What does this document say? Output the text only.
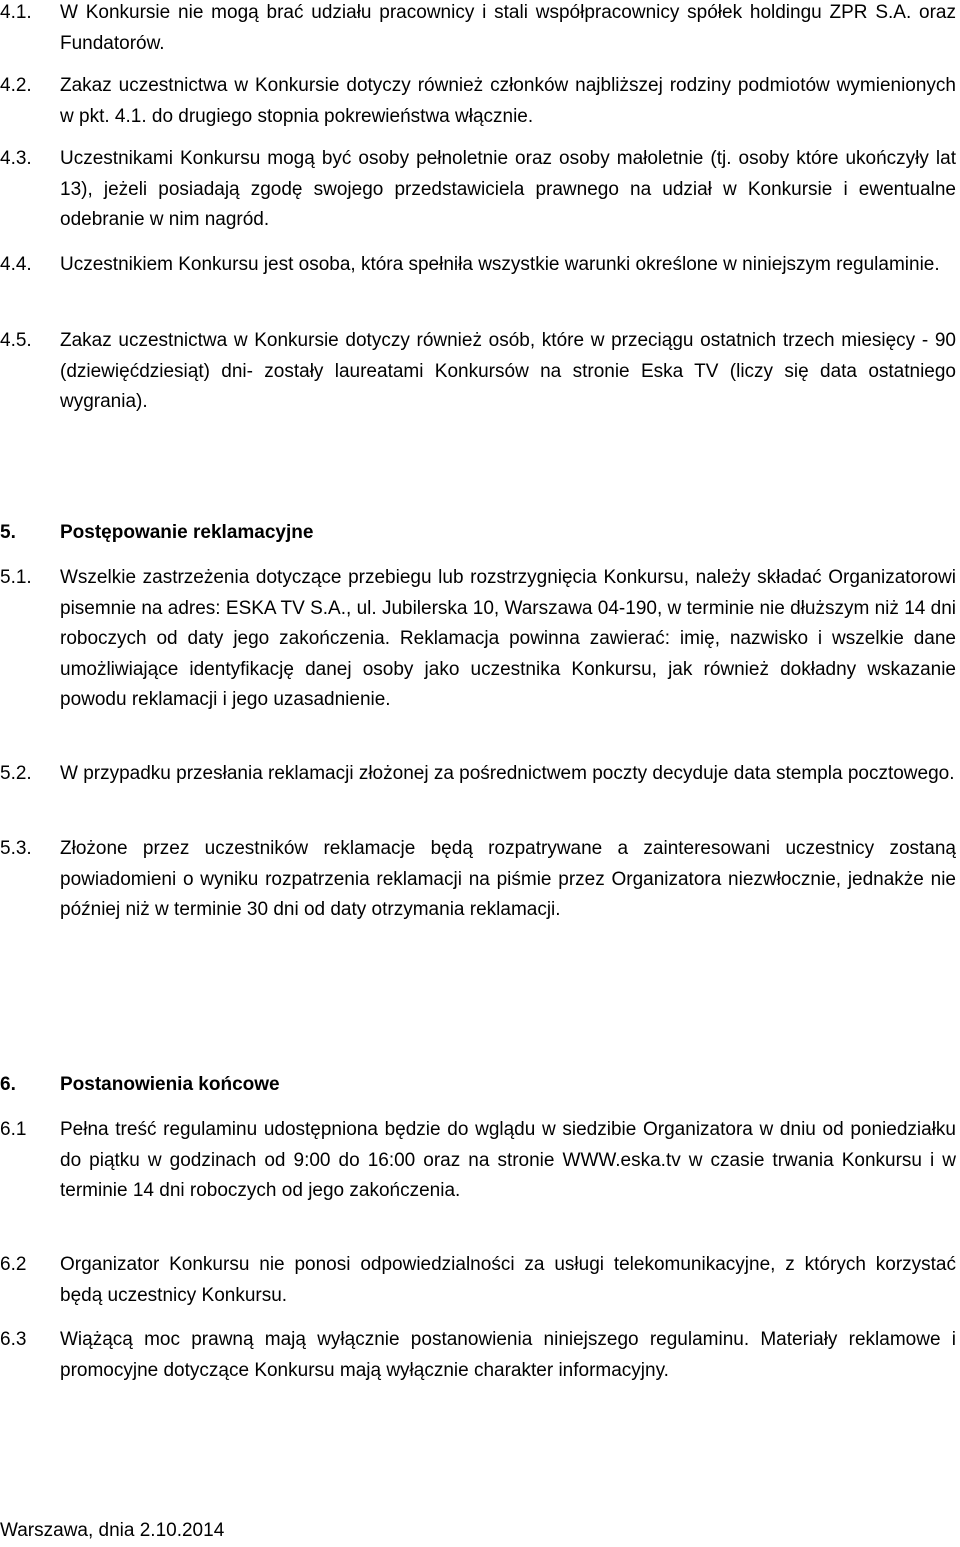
4.1. W Konkursie nie mogą brać udziału pracownicy i stali współpracownicy spółek holdingu ZPR S.A. oraz Fundatorów.
4.2. Zakaz uczestnictwa w Konkursie dotyczy również członków najbliższej rodziny podmiotów wymienionych w pkt. 4.1. do drugiego stopnia pokrewieństwa włącznie.
4.3. Uczestnikami Konkursu mogą być osoby pełnoletnie oraz osoby małoletnie (tj. osoby które ukończyły lat 13), jeżeli posiadają zgodę swojego przedstawiciela prawnego na udział w Konkursie i ewentualne odebranie w nim nagród.
4.4. Uczestnikiem Konkursu jest osoba, która spełniła wszystkie warunki określone w niniejszym regulaminie.
4.5. Zakaz uczestnictwa w Konkursie dotyczy również osób, które w przeciągu ostatnich trzech miesięcy - 90 (dziewięćdziesiąt) dni- zostały laureatami Konkursów na stronie Eska TV (liczy się data ostatniego wygrania).
5. Postępowanie reklamacyjne
5.1. Wszelkie zastrzeżenia dotyczące przebiegu lub rozstrzygnięcia Konkursu, należy składać Organizatorowi pisemnie na adres: ESKA TV S.A., ul. Jubilerska 10, Warszawa 04-190, w terminie nie dłuższym niż 14 dni roboczych od daty jego zakończenia. Reklamacja powinna zawierać: imię, nazwisko i wszelkie dane umożliwiające identyfikację danej osoby jako uczestnika Konkursu, jak również dokładny wskazanie powodu reklamacji i jego uzasadnienie.
5.2. W przypadku przesłania reklamacji złożonej za pośrednictwem poczty decyduje data stempla pocztowego.
5.3. Złożone przez uczestników reklamacje będą rozpatrywane a zainteresowani uczestnicy zostaną powiadomieni o wyniku rozpatrzenia reklamacji na piśmie przez Organizatora niezwłocznie, jednakże nie później niż w terminie 30 dni od daty otrzymania reklamacji.
6. Postanowienia końcowe
6.1 Pełna treść regulaminu udostępniona będzie do wglądu w siedzibie Organizatora w dniu od poniedziałku do piątku w godzinach od 9:00 do 16:00 oraz na stronie WWW.eska.tv w czasie trwania Konkursu i w terminie 14 dni roboczych od jego zakończenia.
6.2 Organizator Konkursu nie ponosi odpowiedzialności za usługi telekomunikacyjne, z których korzystać będą uczestnicy Konkursu.
6.3 Wiążącą moc prawną mają wyłącznie postanowienia niniejszego regulaminu. Materiały reklamowe i promocyjne dotyczące Konkursu mają wyłącznie charakter informacyjny.
Warszawa, dnia 2.10.2014
